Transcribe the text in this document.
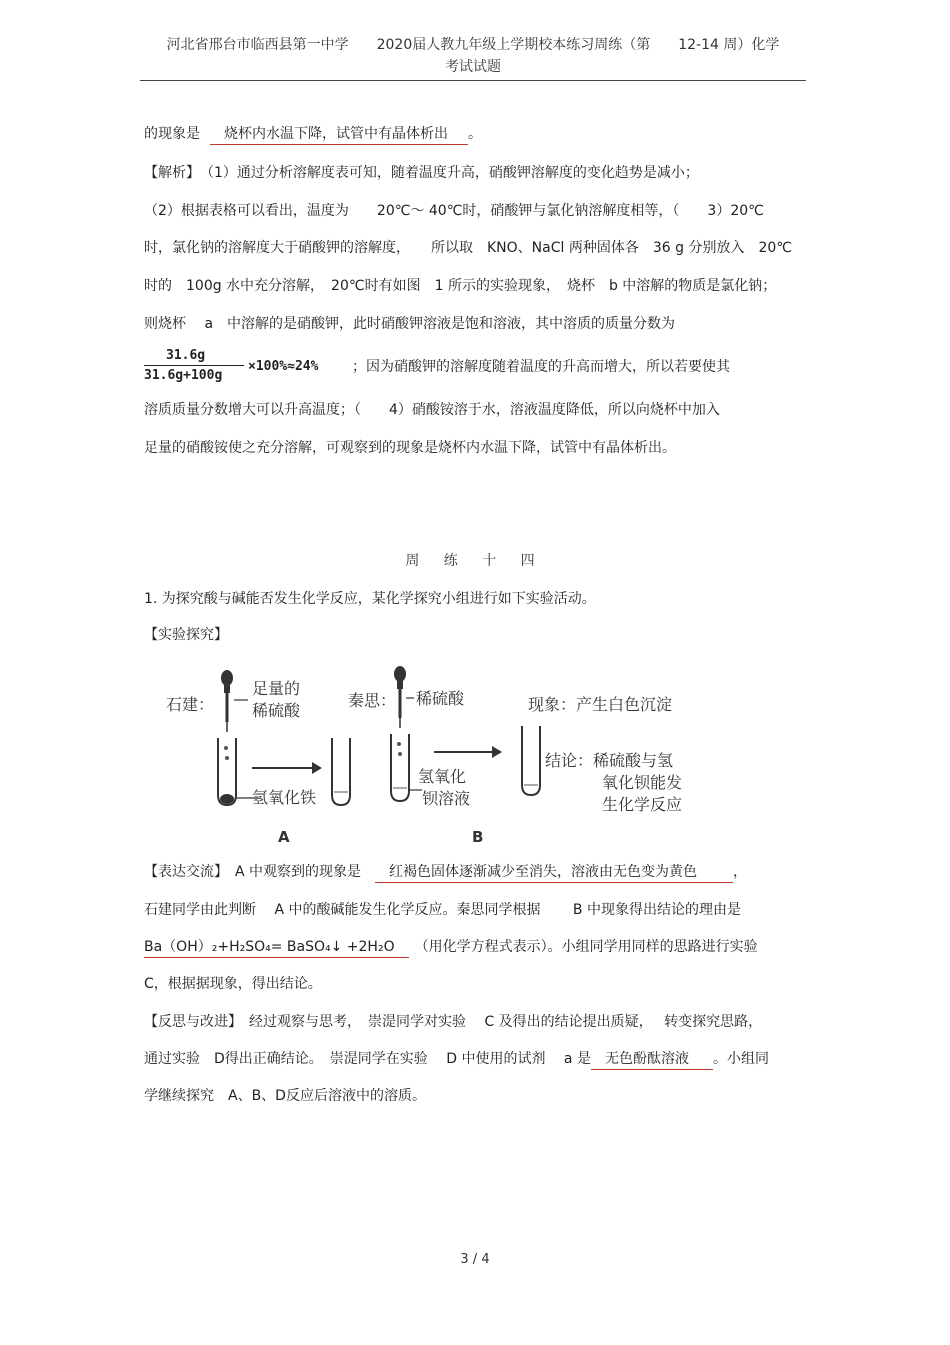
河北省邢台市临西县第一中学　　2020届人教九年级上学期校本练习周练（第　　12-14 周）化学
考试试题
的现象是 烧杯内水温下降，试管中有晶体析出 。
【解析】　（1）通过分析溶解度表可知，随着温度升高，硝酸钾溶解度的变化趋势是减小；
（2）根据表格可以看出，温度为　　20℃～ 40℃时，硝酸钾与氯化钠溶解度相等，（　　3）20℃
时，氯化钠的溶解度大于硝酸钾的溶解度，　　所以取　KNO、NaCl 两种固体各　36 g 分别放入　20℃
时的　100g 水中充分溶解，　20℃时有如图　1 所示的实验现象，　烧杯　b 中溶解的物质是氯化钠；
则烧杯　 a　中溶解的是硝酸钾，此时硝酸钾溶液是饱和溶液，其中溶质的质量分数为
31.6g
31.6g+100g
×100%≈24% ；因为硝酸钾的溶解度随着温度的升高而增大，所以若要使其
溶质质量分数增大可以升高温度；（　　4）硝酸铵溶于水，溶液温度降低，所以向烧杯中加入
足量的硝酸铵使之充分溶解，可观察到的现象是烧杯内水温下降，试管中有晶体析出。
周 练 十 四
1. 为探究酸与碱能否发生化学反应，某化学探究小组进行如下实验活动。
【实验探究】
石建：
足量的
稀硫酸
氢氧化铁
A
秦思： 稀硫酸
氢氧化
钡溶液
B
现象：产生白色沉淀
结论：稀硫酸与氢
氧化钡能发
生化学反应
【表达交流】　A 中观察到的现象是 红褐色固体逐渐减少至消失，溶液由无色变为黄色	，
石建同学由此判断　 A 中的酸碱能发生化学反应。秦思同学根据　　 B 中现象得出结论的理由是
Ba（OH）₂+H₂SO₄= BaSO₄↓ +2H₂O （用化学方程式表示）。小组同学用同样的思路进行实验
C，根据据现象，得出结论。
【反思与改进】　经过观察与思考，　崇湜同学对实验　 C 及得出的结论提出质疑，　 转变探究思路，
通过实验　D得出正确结论。　崇湜同学在实验　 D 中使用的试剂　 a 是 无色酚酞溶液 。小组同
学继续探究　A、B、D反应后溶液中的溶质。
3 / 4
